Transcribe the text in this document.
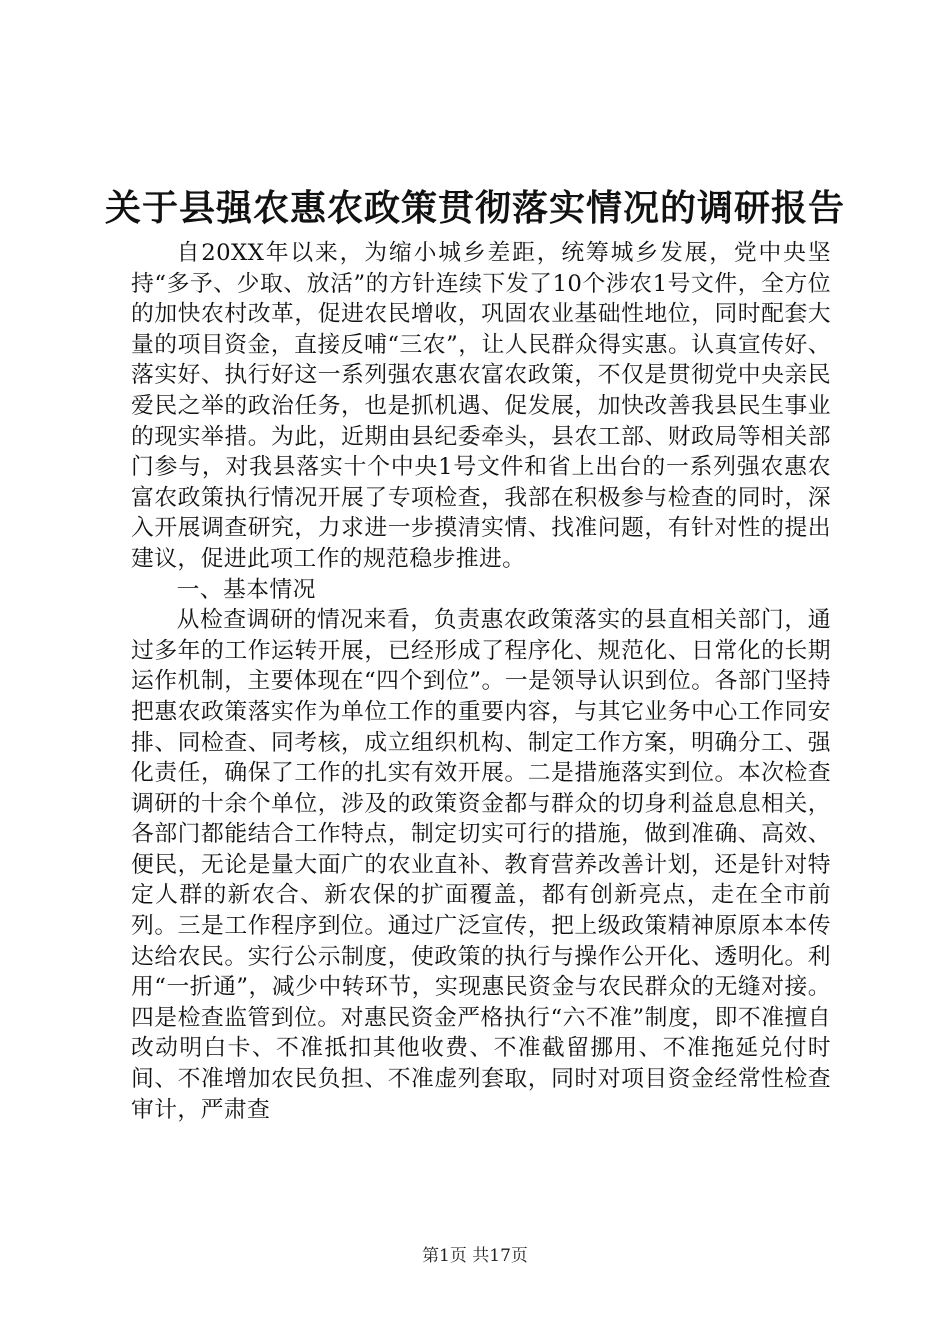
关于县强农惠农政策贯彻落实情况的调研报告

自20XX年以来，为缩小城乡差距，统筹城乡发展，党中央坚持“多予、少取、放活”的方针连续下发了10个涉农1号文件，全方位的加快农村改革，促进农民增收，巩固农业基础性地位，同时配套大量的项目资金，直接反哺“三农”，让人民群众得实惠。认真宣传好、落实好、执行好这一系列强农惠农富农政策，不仅是贯彻党中央亲民爱民之举的政治任务，也是抓机遇、促发展，加快改善我县民生事业的现实举措。为此，近期由县纪委牵头，县农工部、财政局等相关部门参与，对我县落实十个中央1号文件和省上出台的一系列强农惠农富农政策执行情况开展了专项检查，我部在积极参与检查的同时，深入开展调查研究，力求进一步摸清实情、找准问题，有针对性的提出建议，促进此项工作的规范稳步推进。

一、基本情况

从检查调研的情况来看，负责惠农政策落实的县直相关部门，通过多年的工作运转开展，已经形成了程序化、规范化、日常化的长期运作机制，主要体现在“四个到位”。一是领导认识到位。各部门坚持把惠农政策落实作为单位工作的重要内容，与其它业务中心工作同安排、同检查、同考核，成立组织机构、制定工作方案，明确分工、强化责任，确保了工作的扎实有效开展。二是措施落实到位。本次检查调研的十余个单位，涉及的政策资金都与群众的切身利益息息相关，各部门都能结合工作特点，制定切实可行的措施，做到准确、高效、便民，无论是量大面广的农业直补、教育营养改善计划，还是针对特定人群的新农合、新农保的扩面覆盖，都有创新亮点，走在全市前列。三是工作程序到位。通过广泛宣传，把上级政策精神原原本本传达给农民。实行公示制度，使政策的执行与操作公开化、透明化。利用“一折通”，减少中转环节，实现惠民资金与农民群众的无缝对接。四是检查监管到位。对惠民资金严格执行“六不准”制度，即不准擅自改动明白卡、不准抵扣其他收费、不准截留挪用、不准拖延兑付时间、不准增加农民负担、不准虚列套取，同时对项目资金经常性检查审计，严肃查

第1页 共17页
